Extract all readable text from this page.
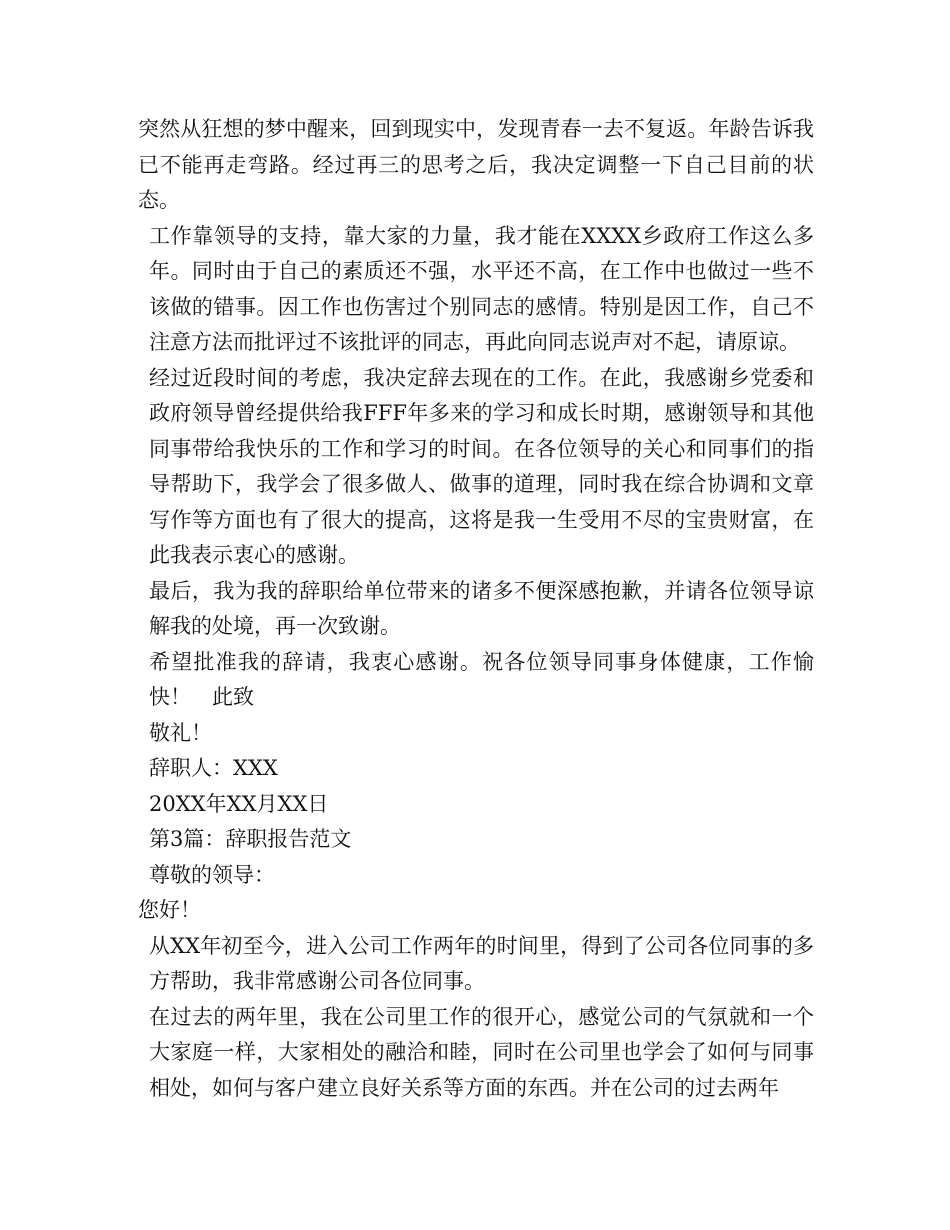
突然从狂想的梦中醒来，回到现实中，发现青春一去不复返。年龄告诉我已不能再走弯路。经过再三的思考之后，我决定调整一下自己目前的状态。

工作靠领导的支持，靠大家的力量，我才能在XXXX乡政府工作这么多年。同时由于自己的素质还不强，水平还不高，在工作中也做过一些不该做的错事。因工作也伤害过个别同志的感情。特别是因工作，自己不注意方法而批评过不该批评的同志，再此向同志说声对不起，请原谅。

经过近段时间的考虑，我决定辞去现在的工作。在此，我感谢乡党委和政府领导曾经提供给我FFF年多来的学习和成长时期，感谢领导和其他同事带给我快乐的工作和学习的时间。在各位领导的关心和同事们的指导帮助下，我学会了很多做人、做事的道理，同时我在综合协调和文章写作等方面也有了很大的提高，这将是我一生受用不尽的宝贵财富，在此我表示衷心的感谢。

最后，我为我的辞职给单位带来的诸多不便深感抱歉，并请各位领导谅解我的处境，再一次致谢。

希望批准我的辞请，我衷心感谢。祝各位领导同事身体健康，工作愉快！　此致

敬礼！

辞职人：XXX

20XX年XX月XX日

第3篇：辞职报告范文

尊敬的领导：

您好！

从XX年初至今，进入公司工作两年的时间里，得到了公司各位同事的多方帮助，我非常感谢公司各位同事。

在过去的两年里，我在公司里工作的很开心，感觉公司的气氛就和一个大家庭一样，大家相处的融洽和睦，同时在公司里也学会了如何与同事相处，如何与客户建立良好关系等方面的东西。并在公司的过去两年
